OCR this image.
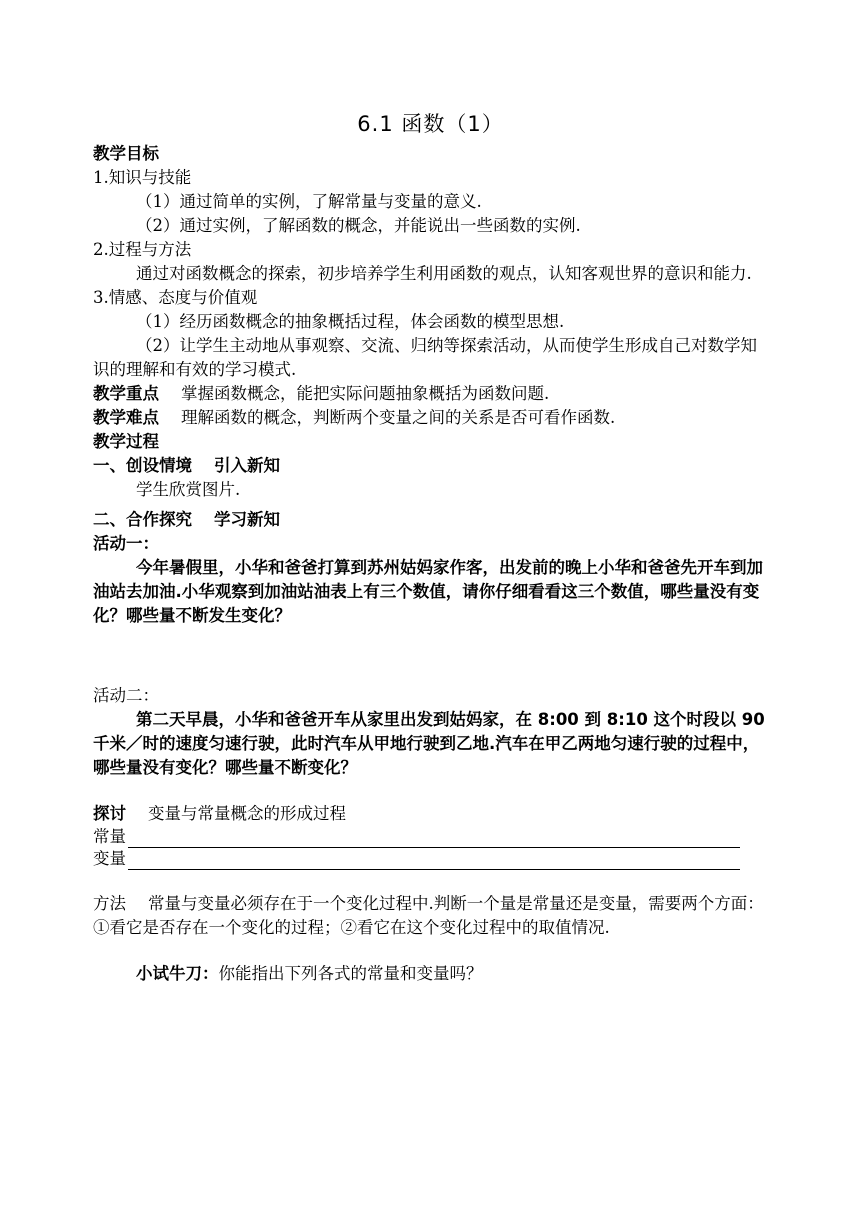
6.1 函数（1）
教学目标
1.知识与技能
（1）通过简单的实例，了解常量与变量的意义.
（2）通过实例，了解函数的概念，并能说出一些函数的实例.
2.过程与方法
通过对函数概念的探索，初步培养学生利用函数的观点，认知客观世界的意识和能力.
3.情感、态度与价值观
（1）经历函数概念的抽象概括过程，体会函数的模型思想.
（2）让学生主动地从事观察、交流、归纳等探索活动，从而使学生形成自己对数学知识的理解和有效的学习模式.
教学重点 掌握函数概念，能把实际问题抽象概括为函数问题.
教学难点 理解函数的概念，判断两个变量之间的关系是否可看作函数.
教学过程
一、创设情境 引入新知
学生欣赏图片.
二、合作探究 学习新知
活动一：
今年暑假里，小华和爸爸打算到苏州姑妈家作客，出发前的晚上小华和爸爸先开车到加油站去加油.小华观察到加油站油表上有三个数值，请你仔细看看这三个数值，哪些量没有变化？哪些量不断发生变化？
活动二：
第二天早晨，小华和爸爸开车从家里出发到姑妈家，在 8:00 到 8:10 这个时段以 90 千米／时的速度匀速行驶，此时汽车从甲地行驶到乙地.汽车在甲乙两地匀速行驶的过程中，哪些量没有变化？哪些量不断变化？
探讨 变量与常量概念的形成过程
常量
变量
方法 常量与变量必须存在于一个变化过程中.判断一个量是常量还是变量，需要两个方面：①看它是否存在一个变化的过程；②看它在这个变化过程中的取值情况.
小试牛刀：你能指出下列各式的常量和变量吗？
